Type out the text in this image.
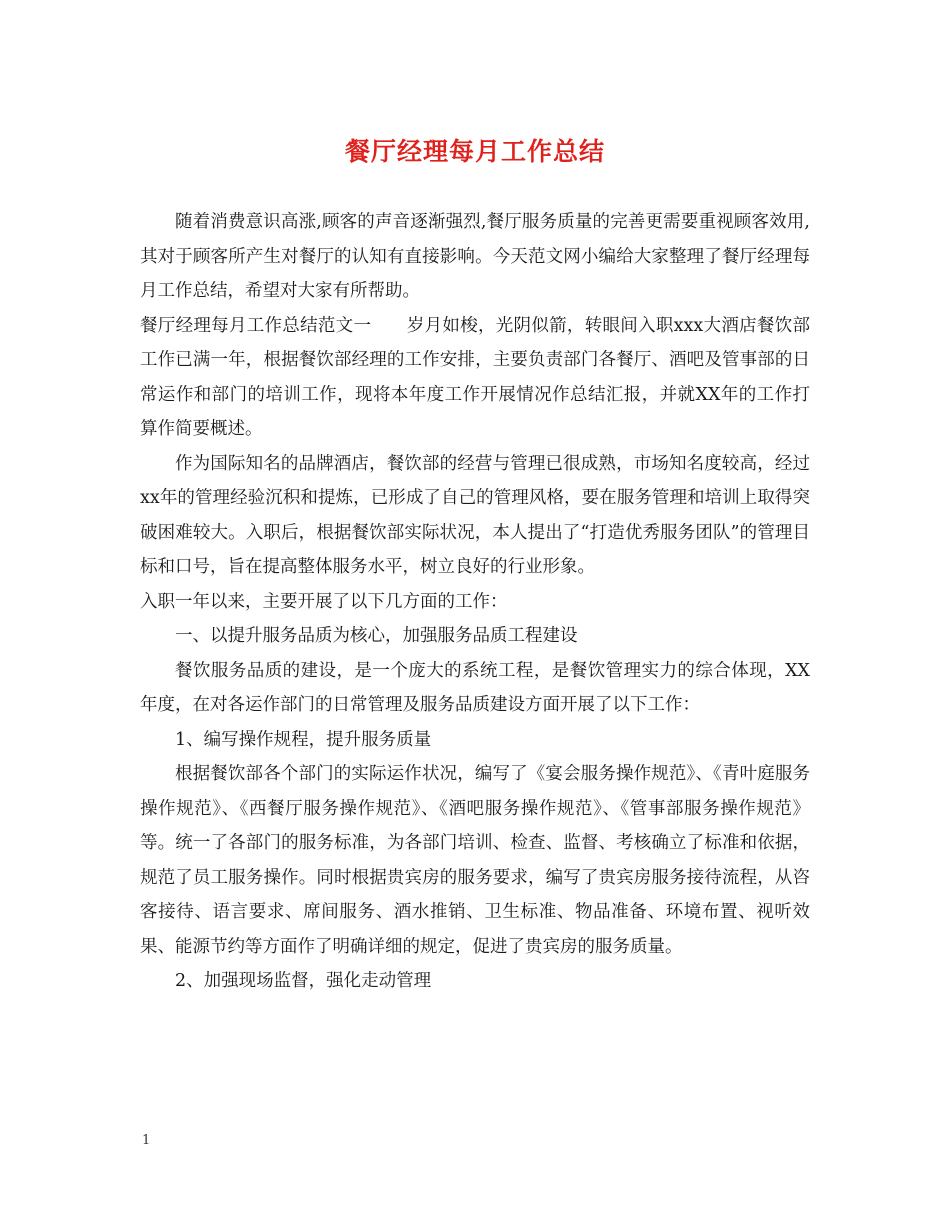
餐厅经理每月工作总结

随着消费意识高涨,顾客的声音逐渐强烈,餐厅服务质量的完善更需要重视顾客效用,其对于顾客所产生对餐厅的认知有直接影响。今天范文网小编给大家整理了餐厅经理每月工作总结，希望对大家有所帮助。

餐厅经理每月工作总结范文一　　岁月如梭，光阴似箭，转眼间入职xxx大酒店餐饮部工作已满一年，根据餐饮部经理的工作安排，主要负责部门各餐厅、酒吧及管事部的日常运作和部门的培训工作，现将本年度工作开展情况作总结汇报，并就XX年的工作打算作简要概述。

作为国际知名的品牌酒店，餐饮部的经营与管理已很成熟，市场知名度较高，经过xx年的管理经验沉积和提炼，已形成了自己的管理风格，要在服务管理和培训上取得突破困难较大。入职后，根据餐饮部实际状况，本人提出了“打造优秀服务团队”的管理目标和口号，旨在提高整体服务水平，树立良好的行业形象。

入职一年以来，主要开展了以下几方面的工作：

一、以提升服务品质为核心，加强服务品质工程建设

餐饮服务品质的建设，是一个庞大的系统工程，是餐饮管理实力的综合体现，XX年度，在对各运作部门的日常管理及服务品质建设方面开展了以下工作：

1、编写操作规程，提升服务质量

根据餐饮部各个部门的实际运作状况，编写了《宴会服务操作规范》、《青叶庭服务操作规范》、《西餐厅服务操作规范》、《酒吧服务操作规范》、《管事部服务操作规范》等。统一了各部门的服务标准，为各部门培训、检查、监督、考核确立了标准和依据，规范了员工服务操作。同时根据贵宾房的服务要求，编写了贵宾房服务接待流程，从咨客接待、语言要求、席间服务、酒水推销、卫生标准、物品准备、环境布置、视听效果、能源节约等方面作了明确详细的规定，促进了贵宾房的服务质量。

2、加强现场监督，强化走动管理

1
